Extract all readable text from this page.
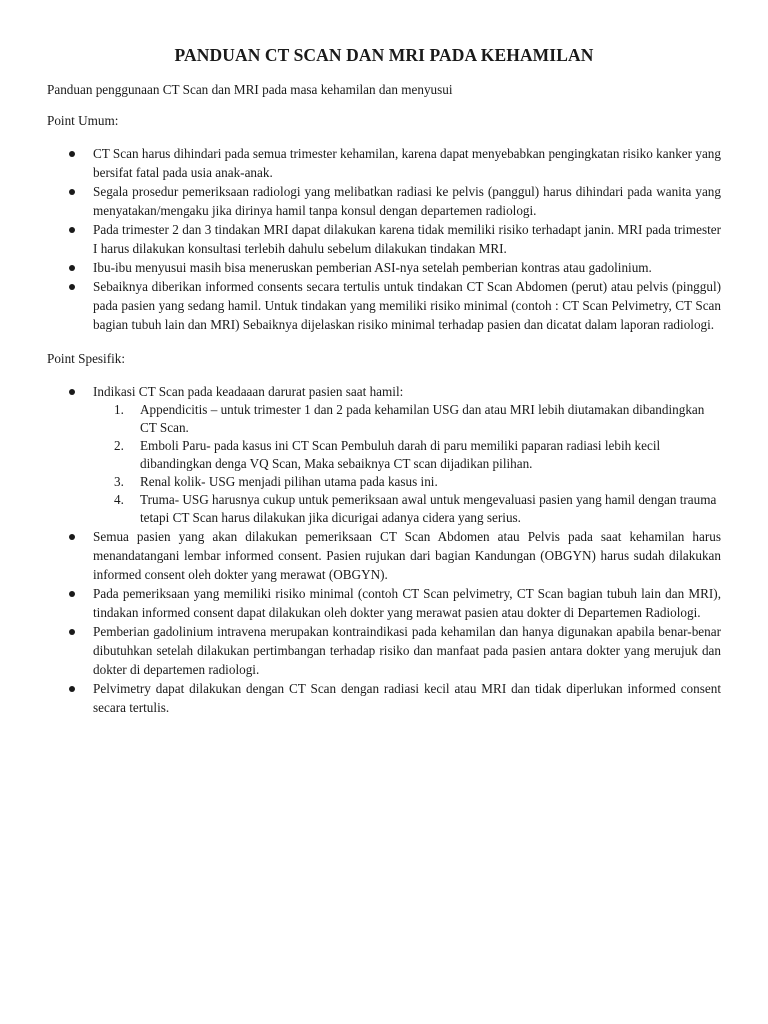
PANDUAN CT SCAN DAN MRI PADA KEHAMILAN

Panduan penggunaan CT Scan dan MRI pada masa kehamilan dan menyusui

Point Umum:

CT Scan harus dihindari pada semua trimester kehamilan, karena dapat menyebabkan pengingkatan risiko kanker yang bersifat fatal pada usia anak-anak.
Segala prosedur pemeriksaan radiologi yang melibatkan radiasi ke pelvis (panggul) harus dihindari pada wanita yang menyatakan/mengaku jika dirinya hamil tanpa konsul dengan departemen radiologi.
Pada trimester 2 dan 3 tindakan MRI dapat dilakukan karena tidak memiliki risiko terhadapt janin. MRI pada trimester I harus dilakukan konsultasi terlebih dahulu sebelum dilakukan tindakan MRI.
Ibu-ibu menyusui masih bisa meneruskan pemberian ASI-nya setelah pemberian kontras atau gadolinium.
Sebaiknya diberikan informed consents secara tertulis untuk tindakan CT Scan Abdomen (perut) atau pelvis (pinggul) pada pasien yang sedang hamil. Untuk tindakan yang memiliki risiko minimal (contoh : CT Scan Pelvimetry, CT Scan bagian tubuh lain dan MRI) Sebaiknya dijelaskan risiko minimal terhadap pasien dan dicatat dalam laporan radiologi.

Point Spesifik:

Indikasi CT Scan pada keadaaan darurat pasien saat hamil:
1. Appendicitis – untuk trimester 1 dan 2 pada kehamilan USG dan atau MRI lebih diutamakan dibandingkan CT Scan.
2. Emboli Paru- pada kasus ini CT Scan Pembuluh darah di paru memiliki paparan radiasi lebih kecil dibandingkan denga VQ Scan, Maka sebaiknya CT scan dijadikan pilihan.
3. Renal kolik- USG menjadi pilihan utama pada kasus ini.
4. Truma- USG harusnya cukup untuk pemeriksaan awal untuk mengevaluasi pasien yang hamil dengan trauma tetapi CT Scan harus dilakukan jika dicurigai adanya cidera yang serius.
Semua pasien yang akan dilakukan pemeriksaan CT Scan Abdomen atau Pelvis pada saat kehamilan harus menandatangani lembar informed consent. Pasien rujukan dari bagian Kandungan (OBGYN) harus sudah dilakukan informed consent oleh dokter yang merawat (OBGYN).
Pada pemeriksaan yang memiliki risiko minimal (contoh CT Scan pelvimetry, CT Scan bagian tubuh lain dan MRI), tindakan informed consent dapat dilakukan oleh dokter yang merawat pasien atau dokter di Departemen Radiologi.
Pemberian gadolinium intravena merupakan kontraindikasi pada kehamilan dan hanya digunakan apabila benar-benar dibutuhkan setelah dilakukan pertimbangan terhadap risiko dan manfaat pada pasien antara dokter yang merujuk dan dokter di departemen radiologi.
Pelvimetry dapat dilakukan dengan CT Scan dengan radiasi kecil atau MRI dan tidak diperlukan informed consent secara tertulis.
